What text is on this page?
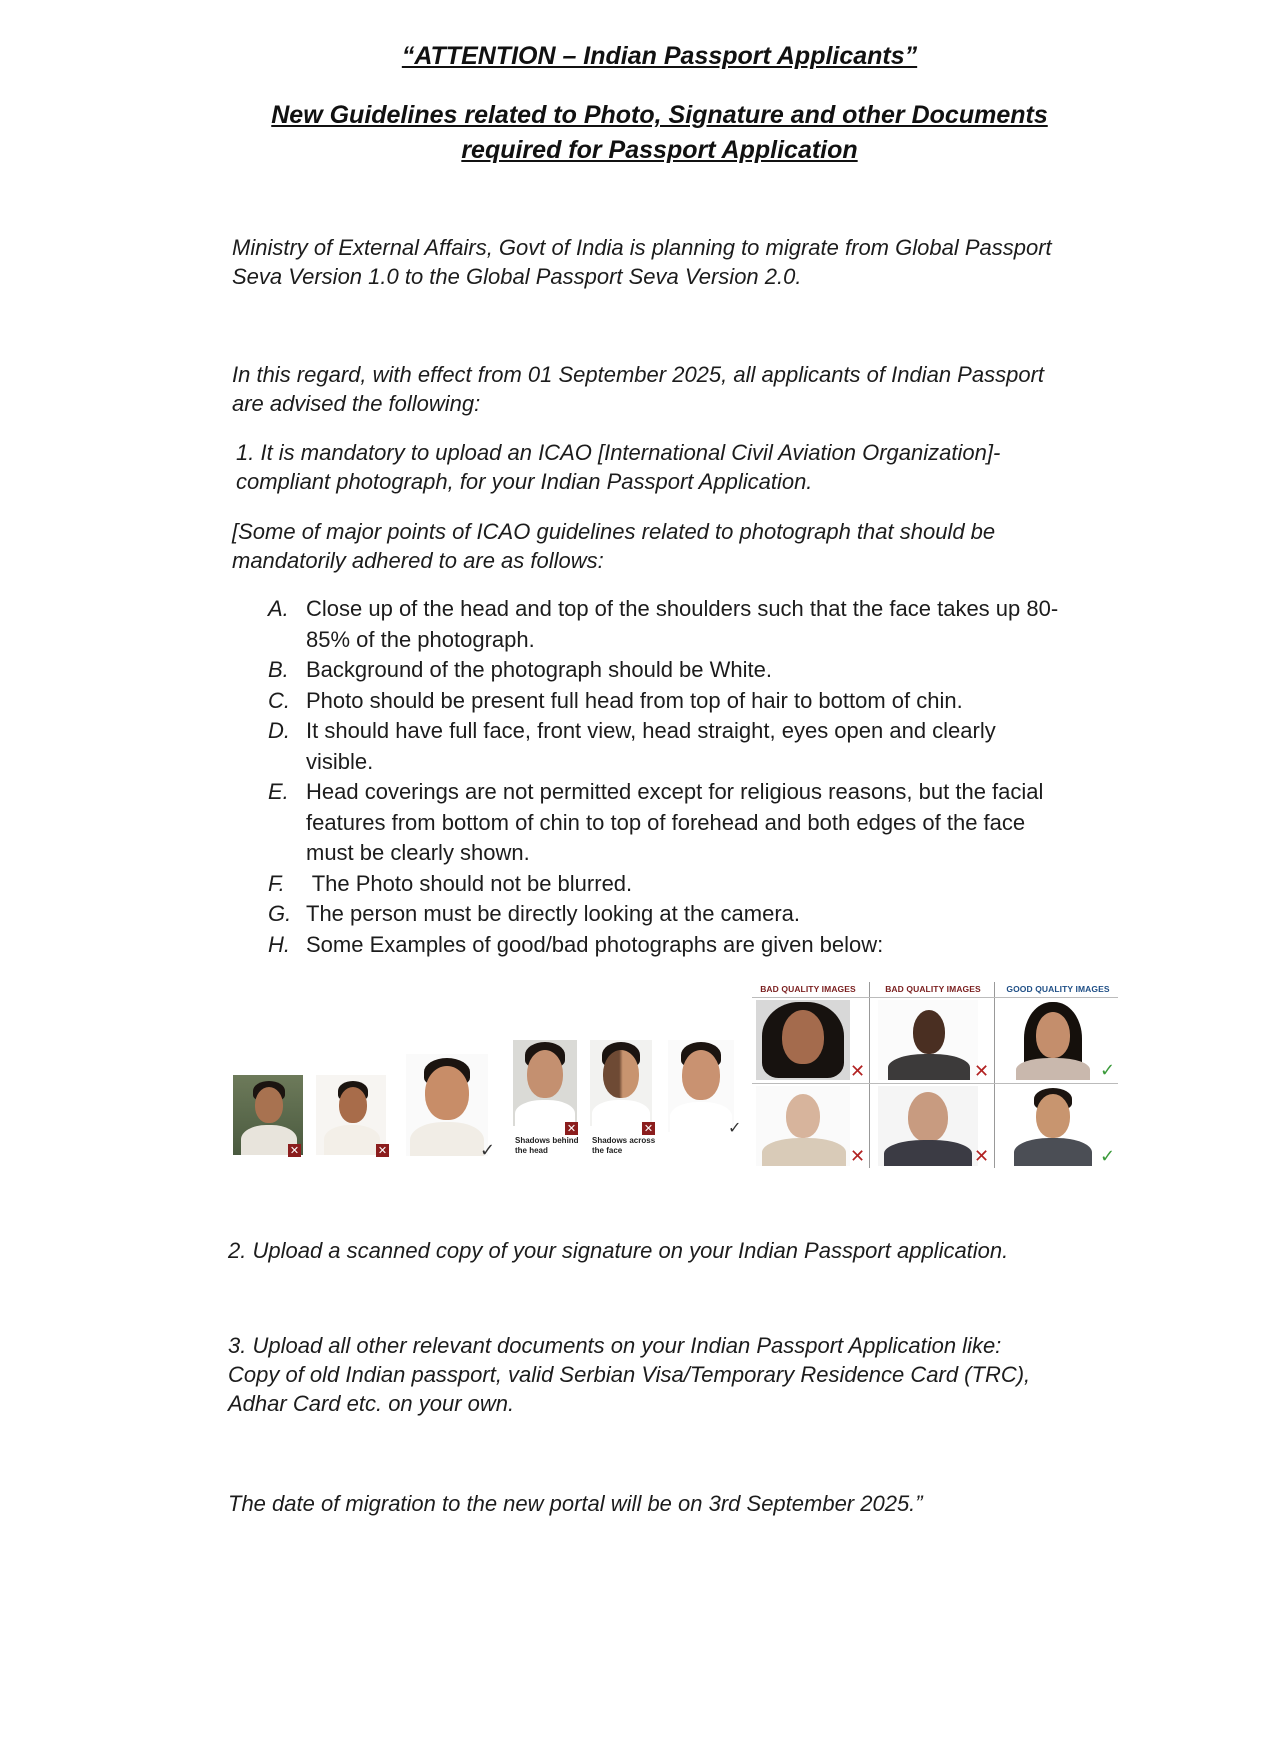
“ATTENTION – Indian Passport Applicants”
New Guidelines related to Photo, Signature and other Documents
required for Passport Application
Ministry of External Affairs, Govt of India is planning to migrate from Global Passport
Seva Version 1.0 to the Global Passport Seva Version 2.0.
In this regard, with effect from 01 September 2025, all applicants of Indian Passport
are advised the following:
1. It is mandatory to upload an ICAO [International Civil Aviation Organization]-
compliant photograph, for your Indian Passport Application.
[Some of major points of ICAO guidelines related to photograph that should be
mandatorily adhered to are as follows:
A. Close up of the head and top of the shoulders such that the face takes up 80-
85% of the photograph.
B. Background of the photograph should be White.
C. Photo should be present full head from top of hair to bottom of chin.
D. It should have full face, front view, head straight, eyes open and clearly
visible.
E. Head coverings are not permitted except for religious reasons, but the facial
features from bottom of chin to top of forehead and both edges of the face
must be clearly shown.
F. The Photo should not be blurred.
G. The person must be directly looking at the camera.
H. Some Examples of good/bad photographs are given below:
✕	✕	✓
✕
Shadows behind
the head
✕
Shadows across
the face
✓
BAD QUALITY IMAGES	BAD QUALITY IMAGES	GOOD QUALITY IMAGES
✕	✕	✓
✕	✕	✓
2. Upload a scanned copy of your signature on your Indian Passport application.
3. Upload all other relevant documents on your Indian Passport Application like:
Copy of old Indian passport, valid Serbian Visa/Temporary Residence Card (TRC),
Adhar Card etc. on your own.
The date of migration to the new portal will be on 3rd September 2025.”
